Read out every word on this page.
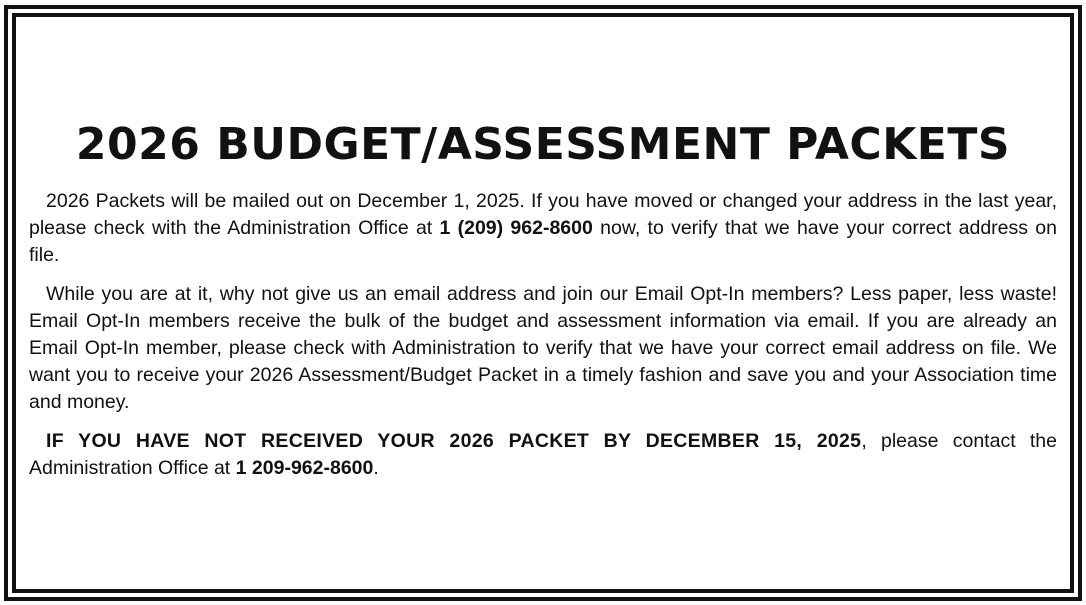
2026 BUDGET/ASSESSMENT PACKETS

2026 Packets will be mailed out on December 1, 2025. If you have moved or changed your address in the last year, please check with the Administration Office at 1 (209) 962-8600 now, to verify that we have your correct address on file.

While you are at it, why not give us an email address and join our Email Opt-In members? Less paper, less waste! Email Opt-In members receive the bulk of the budget and assessment information via email. If you are already an Email Opt-In member, please check with Administration to verify that we have your correct email address on file. We want you to receive your 2026 Assessment/Budget Packet in a timely fashion and save you and your Association time and money.

IF YOU HAVE NOT RECEIVED YOUR 2026 PACKET BY DECEMBER 15, 2025, please contact the Administration Office at 1 209-962-8600.
